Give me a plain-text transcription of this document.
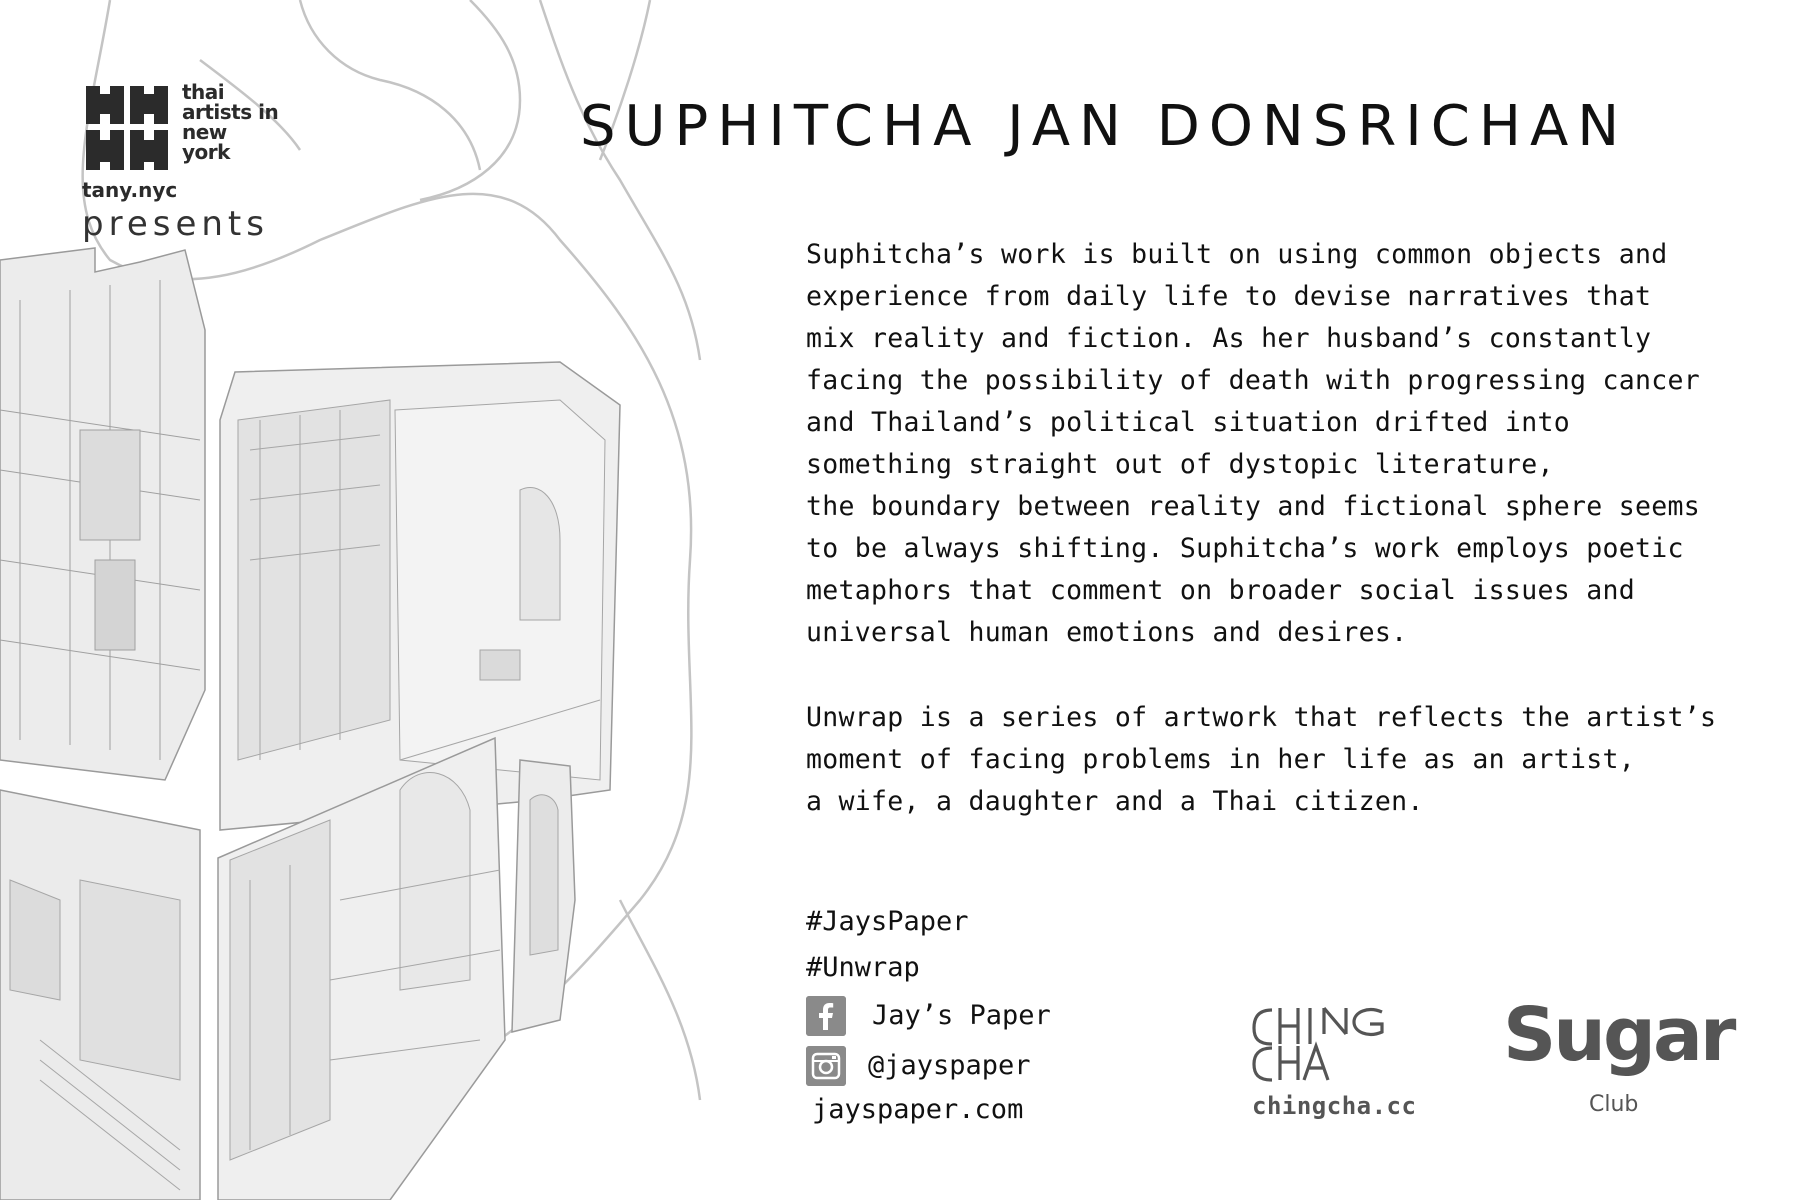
thai
artists in
new
york
tany.nyc
presents
SUPHITCHA JAN DONSRICHAN
Suphitcha’s work is built on using common objects and
experience from daily life to devise narratives that
mix reality and fiction. As her husband’s constantly
facing the possibility of death with progressing cancer
and Thailand’s political situation drifted into
something straight out of dystopic literature,
the boundary between reality and fictional sphere seems
to be always shifting. Suphitcha’s work employs poetic
metaphors that comment on broader social issues and
universal human emotions and desires.
Unwrap is a series of artwork that reflects the artist’s
moment of facing problems in her life as an artist,
a wife, a daughter and a Thai citizen.
#JaysPaper
#Unwrap
Jay’s Paper
@jayspaper
jayspaper.com	chingcha.cc
Sugar
Club
